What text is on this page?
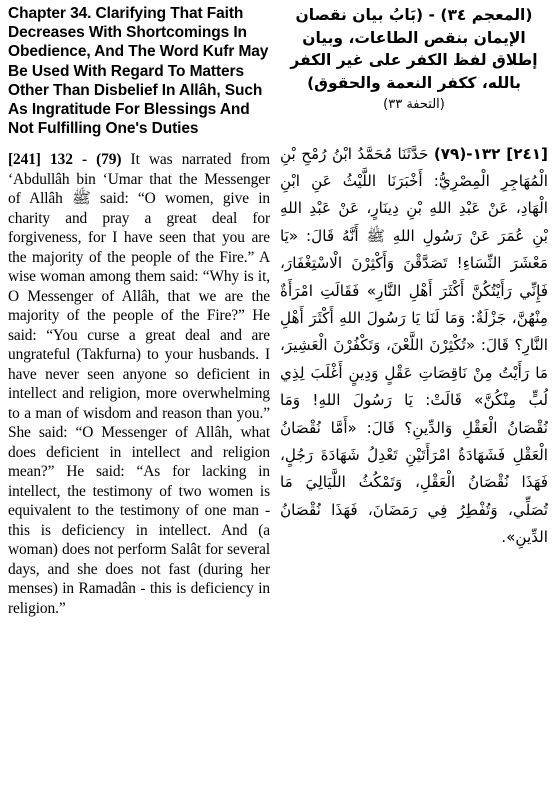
Chapter 34. Clarifying That Faith Decreases With Shortcomings In Obedience, And The Word Kufr May Be Used With Regard To Matters Other Than Disbelief In Allâh, Such As Ingratitude For Blessings And Not Fulfilling One's Duties

[241] 132 - (79) It was narrated from ‘Abdullâh bin ‘Umar that the Messenger of Allâh ﷺ said: “O women, give in charity and pray a great deal for forgiveness, for I have seen that you are the majority of the people of the Fire.” A wise woman among them said: “Why is it, O Messenger of Allâh, that we are the majority of the people of the Fire?” He said: “You curse a great deal and are ungrateful (Takfurna) to your husbands. I have never seen anyone so deficient in intellect and religion, more overwhelming to a man of wisdom and reason than you.” She said: “O Messenger of Allâh, what does deficient in intellect and religion mean?” He said: “As for lacking in intellect, the testimony of two women is equivalent to the testimony of one man - this is deficiency in intellect. And (a woman) does not perform Salât for several days, and she does not fast (during her menses) in Ramadân - this is deficiency in religion.”

(المعجم ٣٤) - (بَابُ بيان نقصان
الإيمان بنقص الطاعات، وبيان
إطلاق لفظ الكفر على غير الكفر
بالله، ككفر النعمة والحقوق)
(التحفة ٣٣)

[٢٤١] ١٣٢-(٧٩) حَدَّثَنَا مُحَمَّدُ ابْنُ رُمْحِ بْنِ الْمُهَاجِرِ الْمِصْرِيُّ: أَخْبَرَنَا اللَّيْثُ عَنِ ابْنِ الْهَادِ، عَنْ عَبْدِ اللهِ بْنِ دِينَارٍ، عَنْ عَبْدِ اللهِ بْنِ عُمَرَ عَنْ رَسُولِ اللهِ ﷺ أَنَّهُ قَالَ: «يَا مَعْشَرَ النِّسَاءِ! تَصَدَّقْنَ وَأَكْثِرْنَ الْاسْتِغْفَارَ، فَإِنِّي رَأَيْتُكُنَّ أَكْثَرَ أَهْلِ النَّارِ» فَقَالَتِ امْرَأَةٌ مِنْهُنَّ، جَزْلَةٌ: وَمَا لَنَا يَا رَسُولَ اللهِ أَكْثَرَ أَهْلِ النَّارِ؟ قَالَ: «تُكْثِرْنَ اللَّعْنَ، وَتَكْفُرْنَ الْعَشِيرَ، مَا رَأَيْتُ مِنْ نَاقِصَاتِ عَقْلٍ وَدِينٍ أَغْلَبَ لِذِي لُبٍّ مِنْكُنَّ» قَالَتْ: يَا رَسُولَ اللهِ! وَمَا نُقْصَانُ الْعَقْلِ وَالدِّينِ؟ قَالَ: «أَمَّا نُقْصَانُ الْعَقْلِ فَشَهَادَةُ امْرَأَتَيْنِ تَعْدِلُ شَهَادَةَ رَجُلٍ، فَهَذَا نُقْصَانُ الْعَقْلِ، وَتَمْكُثُ اللَّيَالِيَ مَا تُصَلِّي، وَتُفْطِرُ فِي رَمَضَانَ، فَهَذَا نُقْصَانُ الدِّينِ».
